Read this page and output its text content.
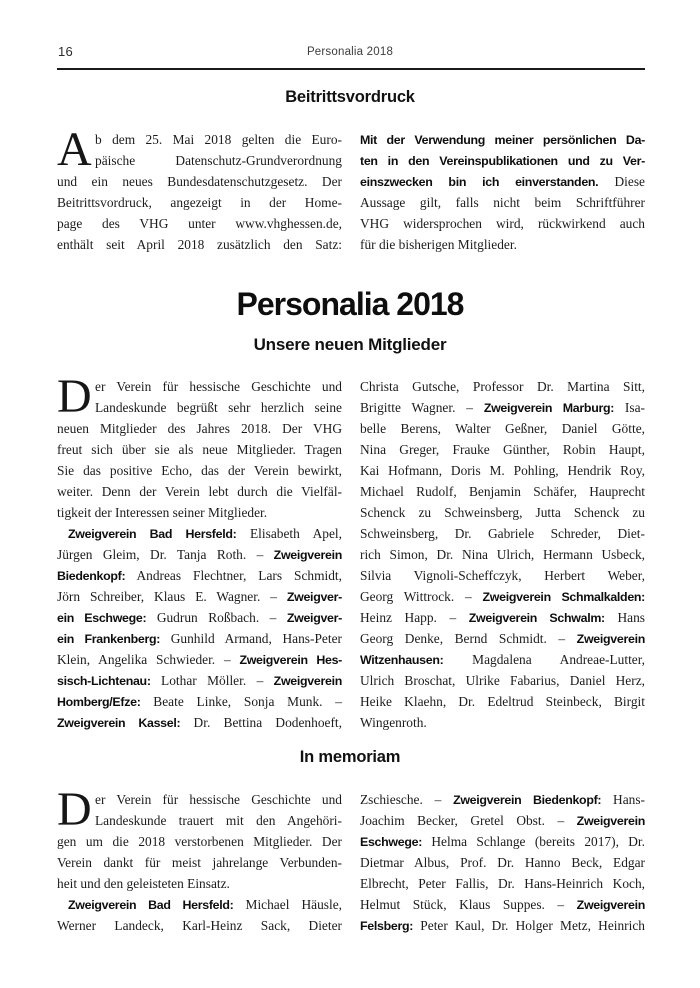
16	Personalia 2018
Beitrittsvordruck
A b dem 25. Mai 2018 gelten die Euro-
päische Datenschutz-Grundverordnung
und ein neues Bundesdatenschutzgesetz. Der
Beitrittsvordruck, angezeigt in der Home-
page des VHG unter www.vhghessen.de,
enthält seit April 2018 zusätzlich den Satz:
Mit der Verwendung meiner persönlichen Da-
ten in den Vereinspublikationen und zu Ver-
einszwecken bin ich einverstanden. Diese
Aussage gilt, falls nicht beim Schriftführer
VHG widersprochen wird, rückwirkend auch
für die bisherigen Mitglieder.
Personalia 2018
Unsere neuen Mitglieder
D er Verein für hessische Geschichte und
Landeskunde begrüßt sehr herzlich seine
neuen Mitglieder des Jahres 2018. Der VHG
freut sich über sie als neue Mitglieder. Tragen
Sie das positive Echo, das der Verein bewirkt,
weiter. Denn der Verein lebt durch die Vielfäl-
tigkeit der Interessen seiner Mitglieder.
Zweigverein Bad Hersfeld: Elisabeth Apel,
Jürgen Gleim, Dr. Tanja Roth. – Zweigverein
Biedenkopf: Andreas Flechtner, Lars Schmidt,
Jörn Schreiber, Klaus E. Wagner. – Zweigver-
ein Eschwege: Gudrun Roßbach. – Zweigver-
ein Frankenberg: Gunhild Armand, Hans-Peter
Klein, Angelika Schwieder. – Zweigverein Hes-
sisch-Lichtenau: Lothar Möller. – Zweigverein
Homberg/Efze: Beate Linke, Sonja Munk. –
Zweigverein Kassel: Dr. Bettina Dodenhoeft,
Christa Gutsche, Professor Dr. Martina Sitt,
Brigitte Wagner. – Zweigverein Marburg: Isa-
belle Berens, Walter Geßner, Daniel Götte,
Nina Greger, Frauke Günther, Robin Haupt,
Kai Hofmann, Doris M. Pohling, Hendrik Roy,
Michael Rudolf, Benjamin Schäfer, Hauprecht
Schenck zu Schweinsberg, Jutta Schenck zu
Schweinsberg, Dr. Gabriele Schreder, Diet-
rich Simon, Dr. Nina Ulrich, Hermann Usbeck,
Silvia Vignoli-Scheffczyk, Herbert Weber,
Georg Wittrock. – Zweigverein Schmalkalden:
Heinz Happ. – Zweigverein Schwalm: Hans
Georg Denke, Bernd Schmidt. – Zweigverein
Witzenhausen: Magdalena Andreae-Lutter,
Ulrich Broschat, Ulrike Fabarius, Daniel Herz,
Heike Klaehn, Dr. Edeltrud Steinbeck, Birgit
Wingenroth.
In memoriam
D er Verein für hessische Geschichte und
Landeskunde trauert mit den Angehöri-
gen um die 2018 verstorbenen Mitglieder. Der
Verein dankt für meist jahrelange Verbunden-
heit und den geleisteten Einsatz.
Zweigverein Bad Hersfeld: Michael Häusle,
Werner Landeck, Karl-Heinz Sack, Dieter
Zschiesche. – Zweigverein Biedenkopf: Hans-
Joachim Becker, Gretel Obst. – Zweigverein
Eschwege: Helma Schlange (bereits 2017), Dr.
Dietmar Albus, Prof. Dr. Hanno Beck, Edgar
Elbrecht, Peter Fallis, Dr. Hans-Heinrich Koch,
Helmut Stück, Klaus Suppes. – Zweigverein
Felsberg: Peter Kaul, Dr. Holger Metz, Heinrich
